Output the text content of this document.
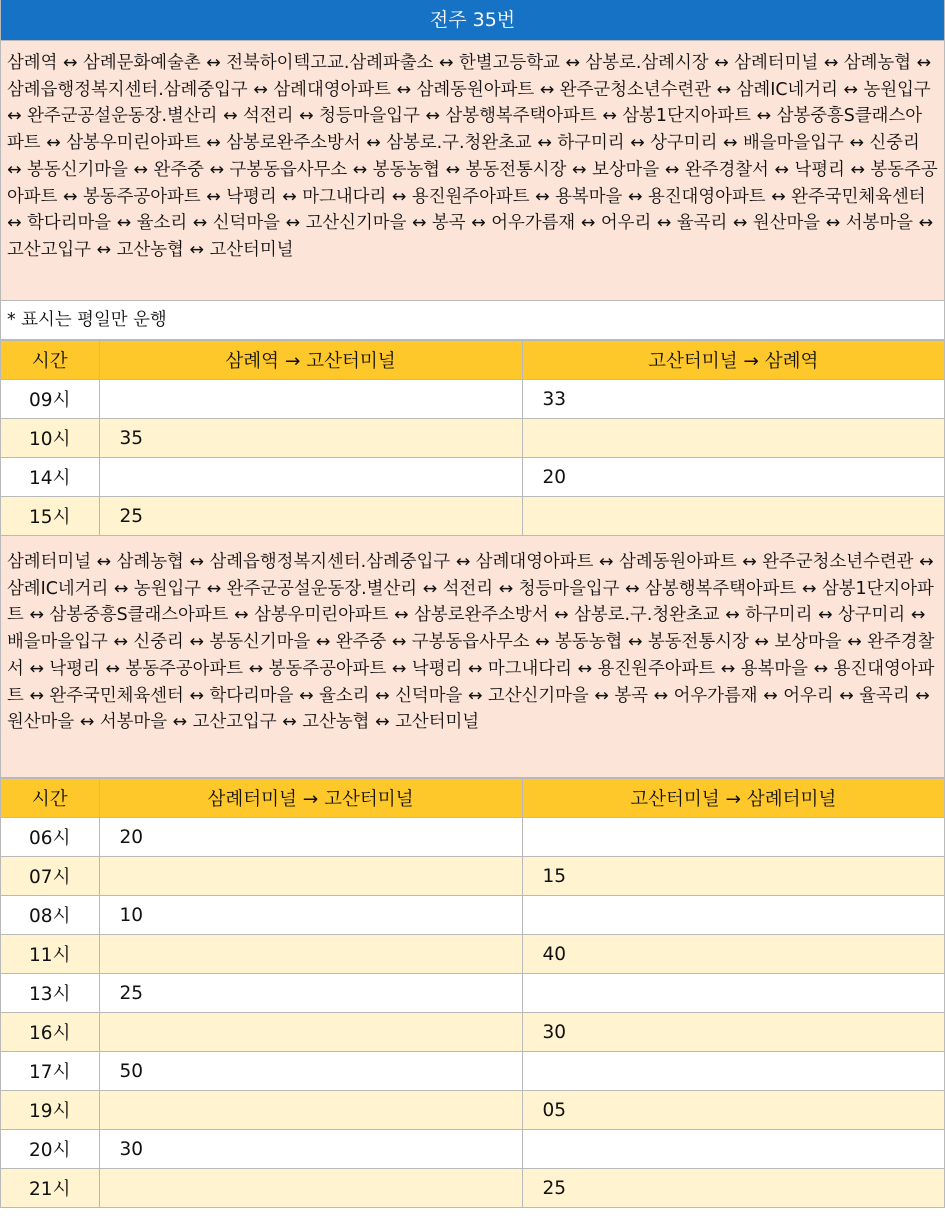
전주 35번
삼례역 ↔ 삼례문화예술촌 ↔ 전북하이텍고교.삼례파출소 ↔ 한별고등학교 ↔ 삼봉로.삼례시장 ↔ 삼례터미널 ↔ 삼례농협 ↔ 삼례읍행정복지센터.삼례중입구 ↔ 삼례대영아파트 ↔ 삼례동원아파트 ↔ 완주군청소년수련관 ↔ 삼례IC네거리 ↔ 농원입구 ↔ 완주군공설운동장.별산리 ↔ 석전리 ↔ 청등마을입구 ↔ 삼봉행복주택아파트 ↔ 삼봉1단지아파트 ↔ 삼봉중흥S클래스아파트 ↔ 삼봉우미린아파트 ↔ 삼봉로완주소방서 ↔ 삼봉로.구.청완초교 ↔ 하구미리 ↔ 상구미리 ↔ 배을마을입구 ↔ 신중리 ↔ 봉동신기마을 ↔ 완주중 ↔ 구봉동읍사무소 ↔ 봉동농협 ↔ 봉동전통시장 ↔ 보상마을 ↔ 완주경찰서 ↔ 낙평리 ↔ 봉동주공아파트 ↔ 봉동주공아파트 ↔ 낙평리 ↔ 마그내다리 ↔ 용진원주아파트 ↔ 용복마을 ↔ 용진대영아파트 ↔ 완주국민체육센터 ↔ 학다리마을 ↔ 율소리 ↔ 신덕마을 ↔ 고산신기마을 ↔ 봉곡 ↔ 어우가름재 ↔ 어우리 ↔ 율곡리 ↔ 원산마을 ↔ 서봉마을 ↔ 고산고입구 ↔ 고산농협 ↔ 고산터미널
* 표시는 평일만 운행
시간	삼례역 → 고산터미널	고산터미널 → 삼례역
09시		33
10시	35	
14시		20
15시	25	
삼례터미널 ↔ 삼례농협 ↔ 삼례읍행정복지센터.삼례중입구 ↔ 삼례대영아파트 ↔ 삼례동원아파트 ↔ 완주군청소년수련관 ↔ 삼례IC네거리 ↔ 농원입구 ↔ 완주군공설운동장.별산리 ↔ 석전리 ↔ 청등마을입구 ↔ 삼봉행복주택아파트 ↔ 삼봉1단지아파트 ↔ 삼봉중흥S클래스아파트 ↔ 삼봉우미린아파트 ↔ 삼봉로완주소방서 ↔ 삼봉로.구.청완초교 ↔ 하구미리 ↔ 상구미리 ↔ 배을마을입구 ↔ 신중리 ↔ 봉동신기마을 ↔ 완주중 ↔ 구봉동읍사무소 ↔ 봉동농협 ↔ 봉동전통시장 ↔ 보상마을 ↔ 완주경찰서 ↔ 낙평리 ↔ 봉동주공아파트 ↔ 봉동주공아파트 ↔ 낙평리 ↔ 마그내다리 ↔ 용진원주아파트 ↔ 용복마을 ↔ 용진대영아파트 ↔ 완주국민체육센터 ↔ 학다리마을 ↔ 율소리 ↔ 신덕마을 ↔ 고산신기마을 ↔ 봉곡 ↔ 어우가름재 ↔ 어우리 ↔ 율곡리 ↔ 원산마을 ↔ 서봉마을 ↔ 고산고입구 ↔ 고산농협 ↔ 고산터미널
시간	삼례터미널 → 고산터미널	고산터미널 → 삼례터미널
06시	20	
07시		15
08시	10	
11시		40
13시	25	
16시		30
17시	50	
19시		05
20시	30	
21시		25
